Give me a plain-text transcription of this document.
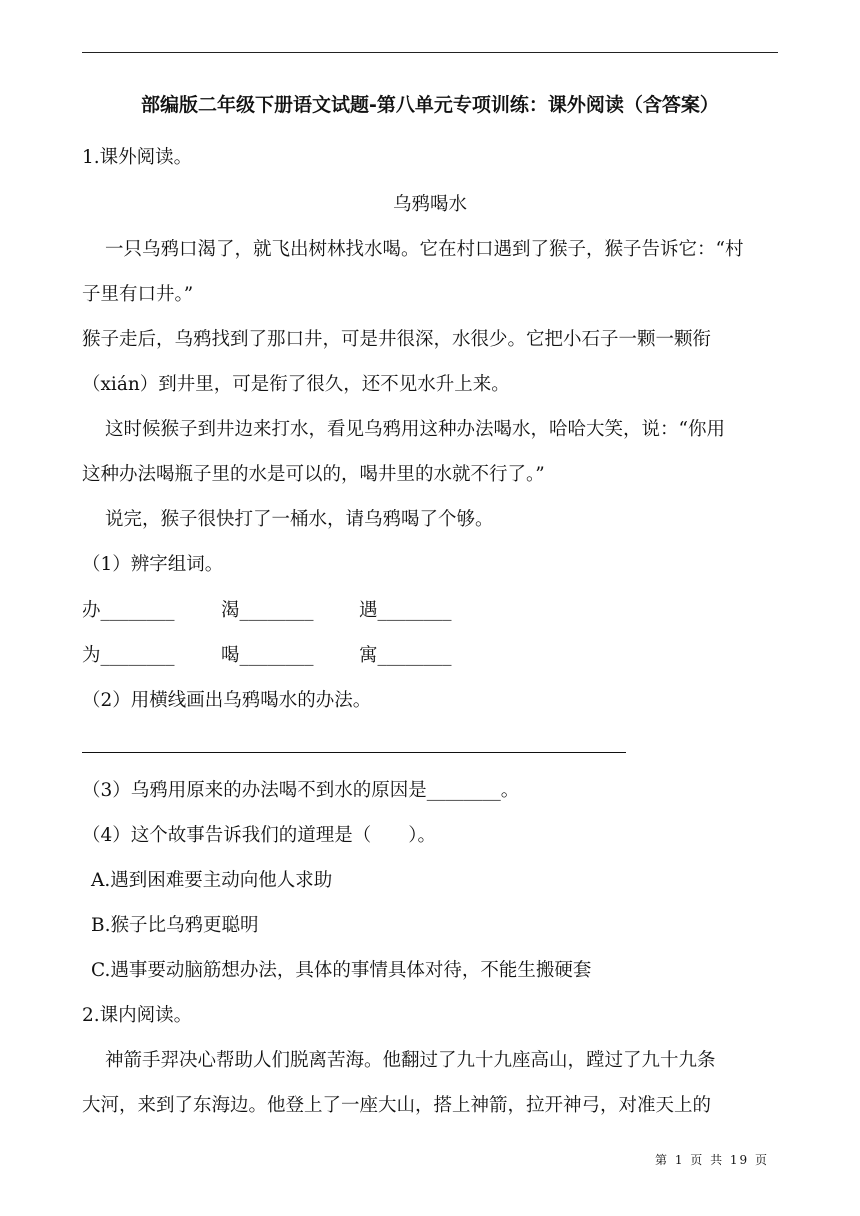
部编版二年级下册语文试题-第八单元专项训练：课外阅读（含答案）
1.课外阅读。
乌鸦喝水
一只乌鸦口渴了，就飞出树林找水喝。它在村口遇到了猴子，猴子告诉它：“村
子里有口井。”
猴子走后，乌鸦找到了那口井，可是井很深，水很少。它把小石子一颗一颗衔
（xián）到井里，可是衔了很久，还不见水升上来。
这时候猴子到井边来打水，看见乌鸦用这种办法喝水，哈哈大笑，说：“你用
这种办法喝瓶子里的水是可以的，喝井里的水就不行了。”
说完，猴子很快打了一桶水，请乌鸦喝了个够。
（1）辨字组词。
办________	渴________ 遇________
为________	喝________ 寓________
（2）用横线画出乌鸦喝水的办法。
（3）乌鸦用原来的办法喝不到水的原因是________。
（4）这个故事告诉我们的道理是（　　）。
A.遇到困难要主动向他人求助
B.猴子比乌鸦更聪明
C.遇事要动脑筋想办法，具体的事情具体对待，不能生搬硬套
2.课内阅读。
神箭手羿决心帮助人们脱离苦海。他翻过了九十九座高山，蹚过了九十九条
大河，来到了东海边。他登上了一座大山，搭上神箭，拉开神弓，对准天上的
第 1 页 共 19 页
